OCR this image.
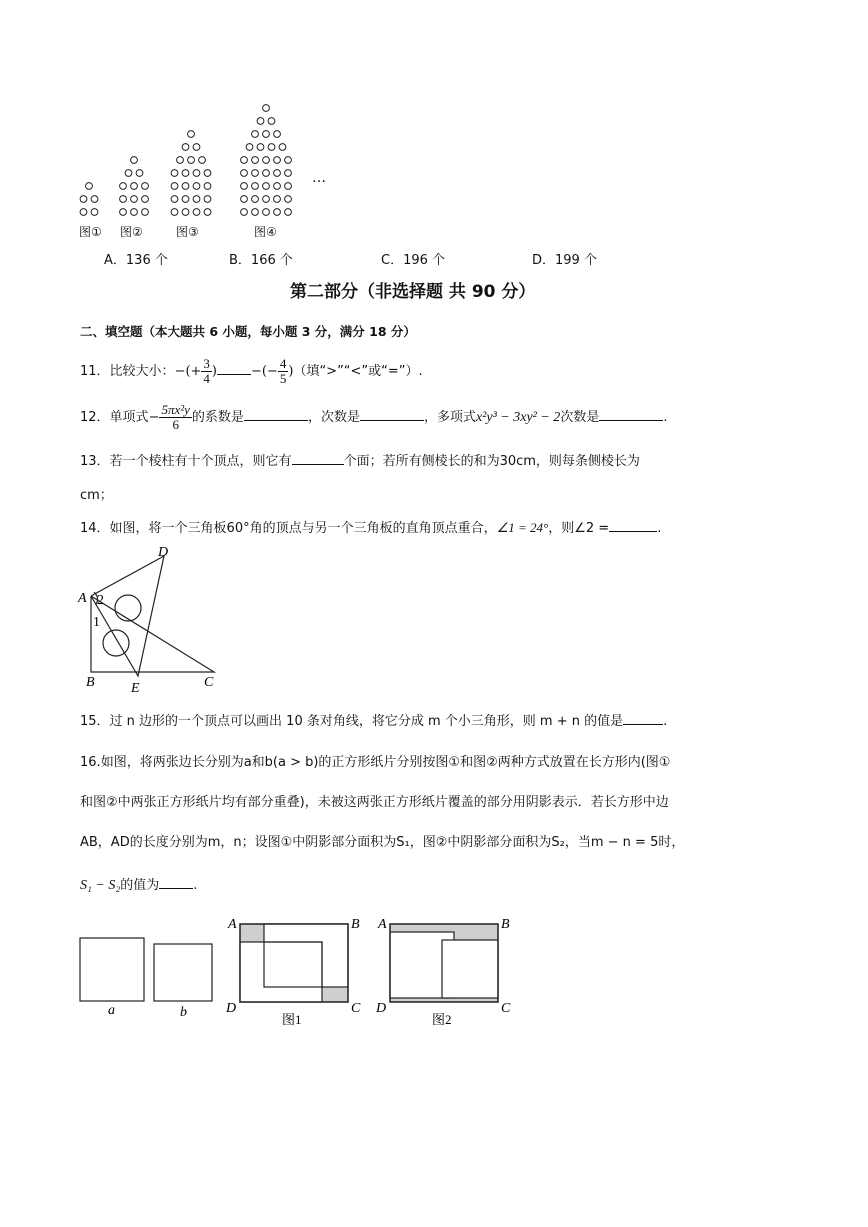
…
图① 图②	图③	图④
A．136 个	B．166 个	C．196 个	D．199 个
第二部分（非选择题 共 90 分）
二、填空题（本大题共 6 小题，每小题 3 分，满分 18 分）
11．比较大小：−(+ $\frac{3}{4}$ )	−(− $\frac{4}{5}$ )（填“>”“<”或“=”）.
12．单项式− $\frac{\text{5πx²y}}{6}$ 的系数是	，次数是	，多项式x²y³ − 3xy² − 2次数是	.
13．若一个棱柱有十个顶点，则它有	个面；若所有侧棱长的和为30cm，则每条侧棱长为
cm；
14．如图，将一个三角板60°角的顶点与另一个三角板的直角顶点重合，∠1 = 24°，则∠2 =	.
D
A 2
1
B	E	C
15．过 n 边形的一个顶点可以画出 10 条对角线，将它分成 m 个小三角形，则 m + n 的值是	.
16.如图，将两张边长分别为a和b(a > b)的正方形纸片分别按图①和图②两种方式放置在长方形内(图①
和图②中两张正方形纸片均有部分重叠)，未被这两张正方形纸片覆盖的部分用阴影表示．若长方形中边
AB，AD的长度分别为m，n；设图①中阴影部分面积为S₁，图②中阴影部分面积为S₂，当m − n = 5时，
S₁ − S₂的值为	.
a	b
A	B
D	C
图1
A	B
D	C
图2
